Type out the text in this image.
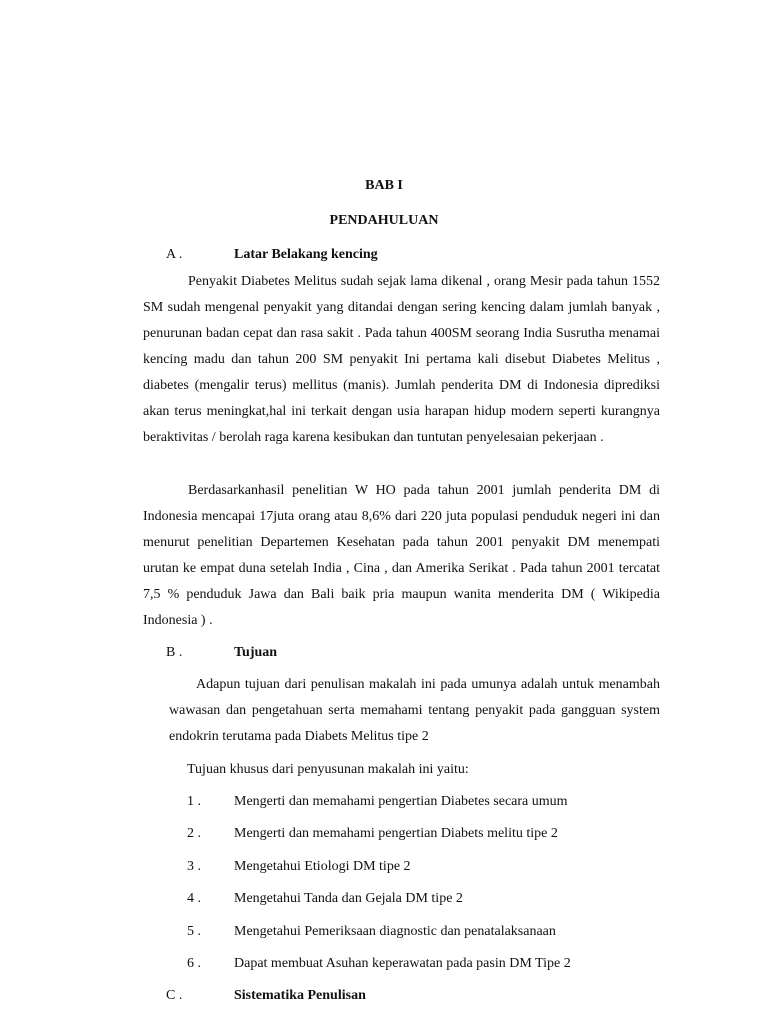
BAB I
PENDAHULUAN
A .	Latar Belakang kencing
Penyakit Diabetes Melitus sudah sejak lama dikenal , orang Mesir pada tahun 1552 SM sudah mengenal penyakit yang ditandai dengan sering kencing dalam jumlah banyak , penurunan badan cepat dan rasa sakit . Pada tahun 400SM seorang India Susrutha menamai kencing madu dan tahun 200 SM penyakit Ini pertama kali disebut Diabetes Melitus , diabetes (mengalir terus) mellitus (manis). Jumlah penderita DM di Indonesia diprediksi akan terus meningkat,hal ini terkait dengan usia harapan hidup modern seperti kurangnya beraktivitas / berolah raga karena kesibukan dan tuntutan penyelesaian pekerjaan .
Berdasarkanhasil penelitian W HO pada tahun 2001 jumlah penderita DM di Indonesia mencapai 17juta orang atau 8,6% dari 220 juta populasi penduduk negeri ini dan menurut penelitian Departemen Kesehatan pada tahun 2001 penyakit DM menempati urutan ke empat duna setelah India , Cina , dan Amerika Serikat . Pada tahun 2001 tercatat 7,5 % penduduk Jawa dan Bali baik pria maupun wanita menderita DM ( Wikipedia Indonesia ) .
B .	Tujuan
Adapun tujuan dari penulisan makalah ini pada umunya adalah untuk menambah wawasan dan pengetahuan serta memahami tentang penyakit pada gangguan system endokrin terutama pada Diabets Melitus tipe 2
Tujuan khusus dari penyusunan makalah ini yaitu:
1 . Mengerti dan memahami pengertian Diabetes secara umum
2 . Mengerti dan memahami pengertian Diabets melitu tipe 2
3 . Mengetahui Etiologi DM tipe 2
4 . Mengetahui Tanda dan Gejala DM tipe 2
5 . Mengetahui Pemeriksaan diagnostic dan penatalaksanaan
6 . Dapat membuat Asuhan keperawatan pada pasin DM Tipe 2
C .	Sistematika Penulisan
